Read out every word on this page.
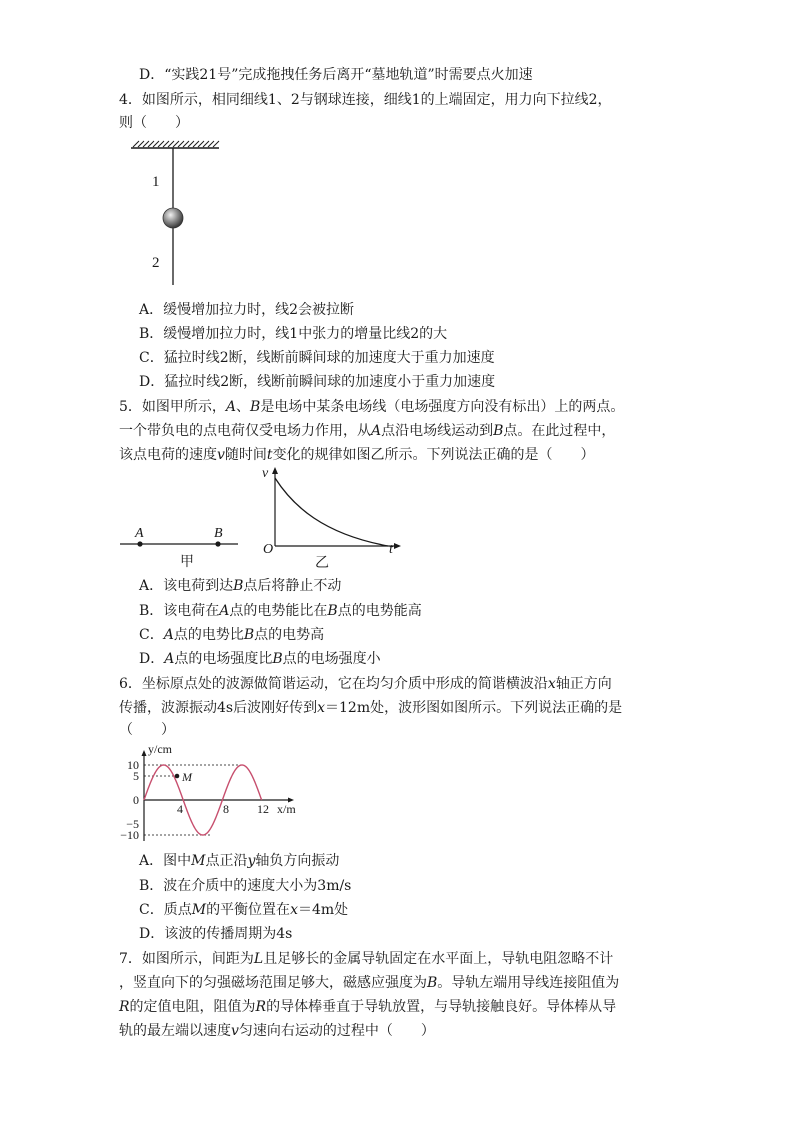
D．“实践21号”完成拖拽任务后离开“墓地轨道”时需要点火加速
4．如图所示，相同细线1、2与钢球连接，细线1的上端固定，用力向下拉线2，
则（　　）
1
2
A．缓慢增加拉力时，线2会被拉断
B．缓慢增加拉力时，线1中张力的增量比线2的大
C．猛拉时线2断，线断前瞬间球的加速度大于重力加速度
D．猛拉时线2断，线断前瞬间球的加速度小于重力加速度
5．如图甲所示，A、B是电场中某条电场线（电场强度方向没有标出）上的两点。
一个带负电的点电荷仅受电场力作用，从A点沿电场线运动到B点。在此过程中，
该点电荷的速度v随时间t变化的规律如图乙所示。下列说法正确的是（　　）
A	B
甲
v
O	t
乙
A．该电荷到达B点后将静止不动
B．该电荷在A点的电势能比在B点的电势能高
C．A点的电势比B点的电势高
D．A点的电场强度比B点的电场强度小
6．坐标原点处的波源做简谐运动，它在均匀介质中形成的简谐横波沿x轴正方向
传播，波源振动4s后波刚好传到x＝12m处，波形图如图所示。下列说法正确的是
（　　）
M
y/cm
x/m
10
5
0
−5
−10
4	8 12
A．图中M点正沿y轴负方向振动
B．波在介质中的速度大小为3m/s
C．质点M的平衡位置在x＝4m处
D．该波的传播周期为4s
7．如图所示，间距为L且足够长的金属导轨固定在水平面上，导轨电阻忽略不计
，竖直向下的匀强磁场范围足够大，磁感应强度为B。导轨左端用导线连接阻值为
R的定值电阻，阻值为R的导体棒垂直于导轨放置，与导轨接触良好。导体棒从导
轨的最左端以速度v匀速向右运动的过程中（　　）
